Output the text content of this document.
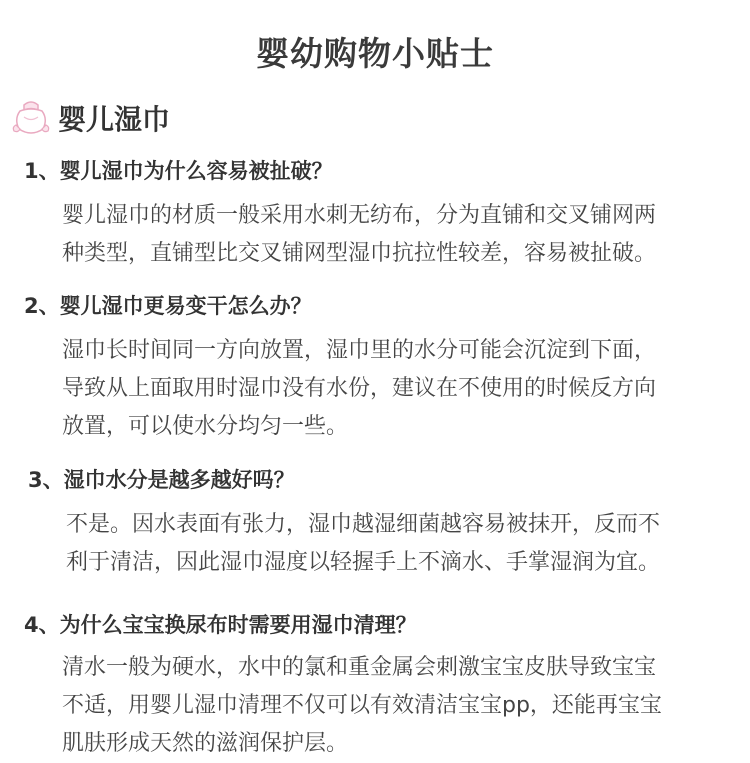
婴幼购物小贴士
婴儿湿巾
1、婴儿湿巾为什么容易被扯破？

婴儿湿巾的材质一般采用水刺无纺布，分为直铺和交叉铺网两
种类型，直铺型比交叉铺网型湿巾抗拉性较差，容易被扯破。

2、婴儿湿巾更易变干怎么办？

湿巾长时间同一方向放置，湿巾里的水分可能会沉淀到下面，
导致从上面取用时湿巾没有水份，建议在不使用的时候反方向
放置，可以使水分均匀一些。

3、湿巾水分是越多越好吗？

不是。因水表面有张力，湿巾越湿细菌越容易被抹开，反而不
利于清洁，因此湿巾湿度以轻握手上不滴水、手掌湿润为宜。

4、为什么宝宝换尿布时需要用湿巾清理？

清水一般为硬水，水中的氯和重金属会刺激宝宝皮肤导致宝宝
不适，用婴儿湿巾清理不仅可以有效清洁宝宝pp，还能再宝宝
肌肤形成天然的滋润保护层。
